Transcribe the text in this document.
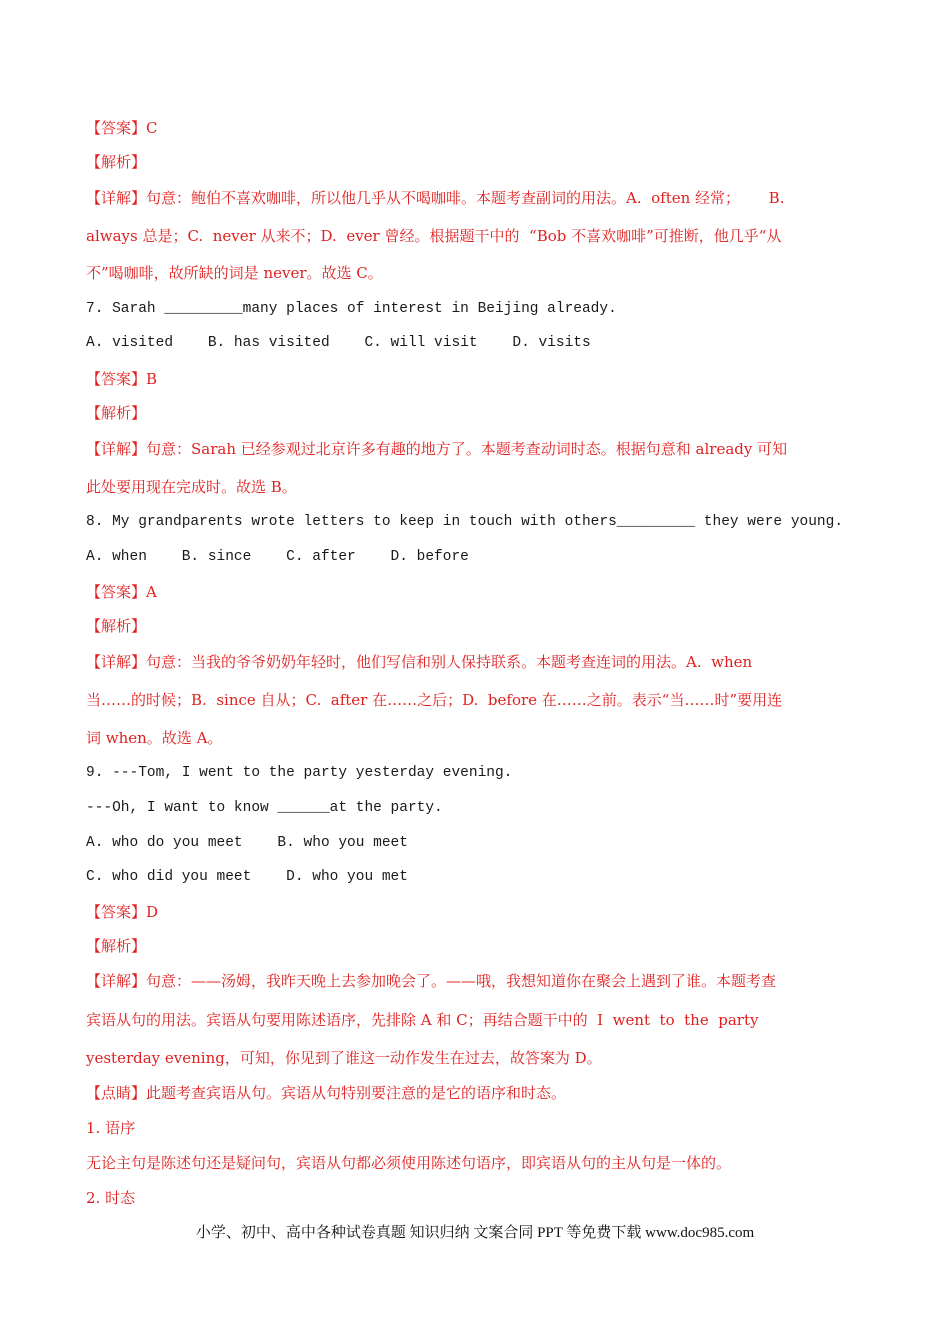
【答案】C
【解析】
【详解】句意：鲍伯不喜欢咖啡，所以他几乎从不喝咖啡。本题考查副词的用法。A.  often 经常；      B.
always 总是；C.  never 从来不；D.  ever 曾经。根据题干中的  “Bob 不喜欢咖啡”可推断，他几乎“从
不”喝咖啡，故所缺的词是 never。故选 C。
7. Sarah _________many places of interest in Beijing already.
A. visited    B. has visited    C. will visit    D. visits
【答案】B
【解析】
【详解】句意：Sarah 已经参观过北京许多有趣的地方了。本题考查动词时态。根据句意和 already 可知
此处要用现在完成时。故选 B。
8. My grandparents wrote letters to keep in touch with others_________ they were young.
A. when    B. since    C. after    D. before
【答案】A
【解析】
【详解】句意：当我的爷爷奶奶年轻时，他们写信和别人保持联系。本题考查连词的用法。A.  when
当……的时候；B.  since 自从；C.  after 在……之后；D.  before 在……之前。表示“当……时”要用连
词 when。故选 A。
9. ---Tom, I went to the party yesterday evening.
---Oh, I want to know ______at the party.
A. who do you meet    B. who you meet
C. who did you meet    D. who you met
【答案】D
【解析】
【详解】句意：——汤姆，我昨天晚上去参加晚会了。——哦，我想知道你在聚会上遇到了谁。本题考查
宾语从句的用法。宾语从句要用陈述语序，先排除 A 和 C；再结合题干中的  I  went  to  the  party
yesterday evening，可知，你见到了谁这一动作发生在过去，故答案为 D。
【点睛】此题考查宾语从句。宾语从句特别要注意的是它的语序和时态。
1. 语序
无论主句是陈述句还是疑问句，宾语从句都必须使用陈述句语序，即宾语从句的主从句是一体的。
2. 时态
小学、初中、高中各种试卷真题 知识归纳 文案合同 PPT 等免费下载 www.doc985.com
